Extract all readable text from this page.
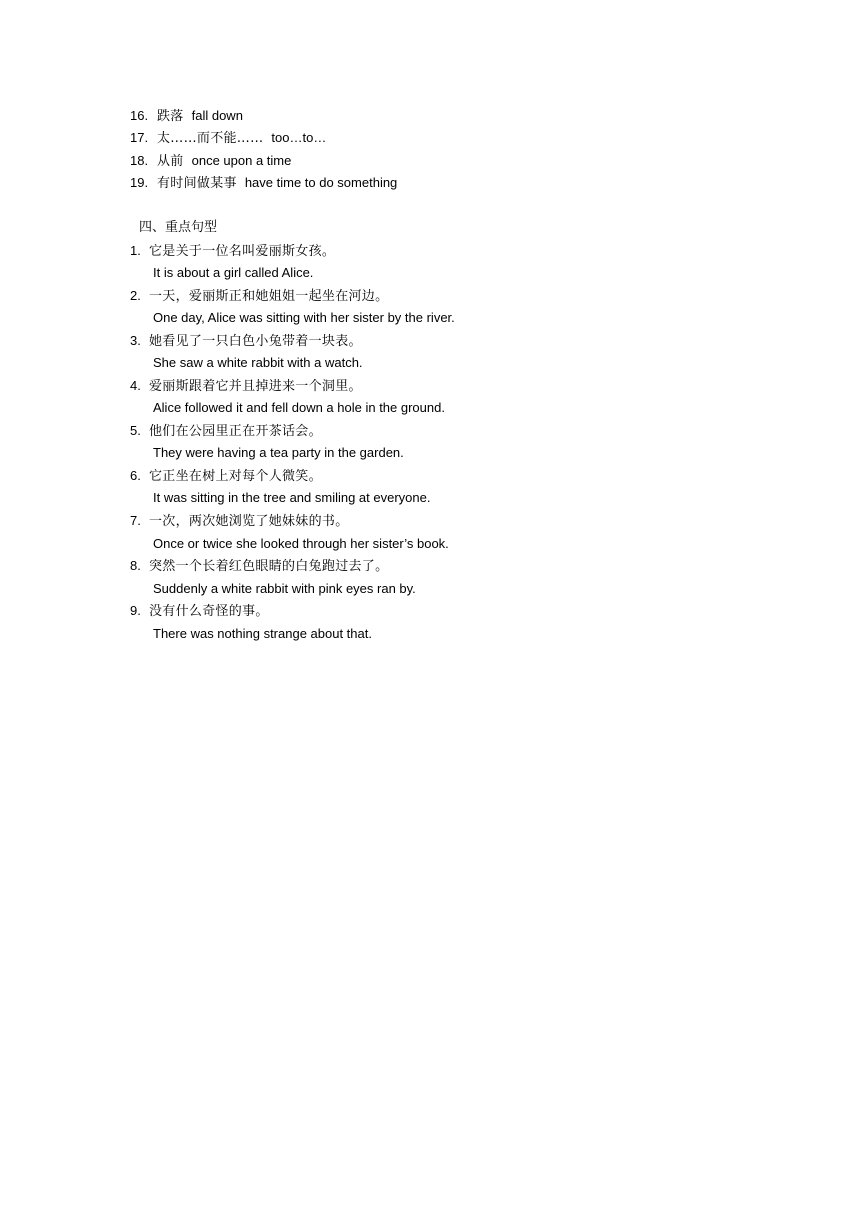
16. 跌落 fall down
17. 太……而不能…… too…to…
18. 从前 once upon a time
19. 有时间做某事 have time to do something
四、重点句型
1. 它是关于一位名叫爱丽斯女孩。
It is about a girl called Alice.
2. 一天，爱丽斯正和她姐姐一起坐在河边。
One day, Alice was sitting with her sister by the river.
3. 她看见了一只白色小兔带着一块表。
She saw a white rabbit with a watch.
4. 爱丽斯跟着它并且掉进来一个洞里。
Alice followed it and fell down a hole in the ground.
5. 他们在公园里正在开茶话会。
They were having a tea party in the garden.
6. 它正坐在树上对每个人微笑。
It was sitting in the tree and smiling at everyone.
7. 一次，两次她浏览了她妹妹的书。
Once or twice she looked through her sister’s book.
8. 突然一个长着红色眼睛的白兔跑过去了。
Suddenly a white rabbit with pink eyes ran by.
9. 没有什么奇怪的事。
There was nothing strange about that.
